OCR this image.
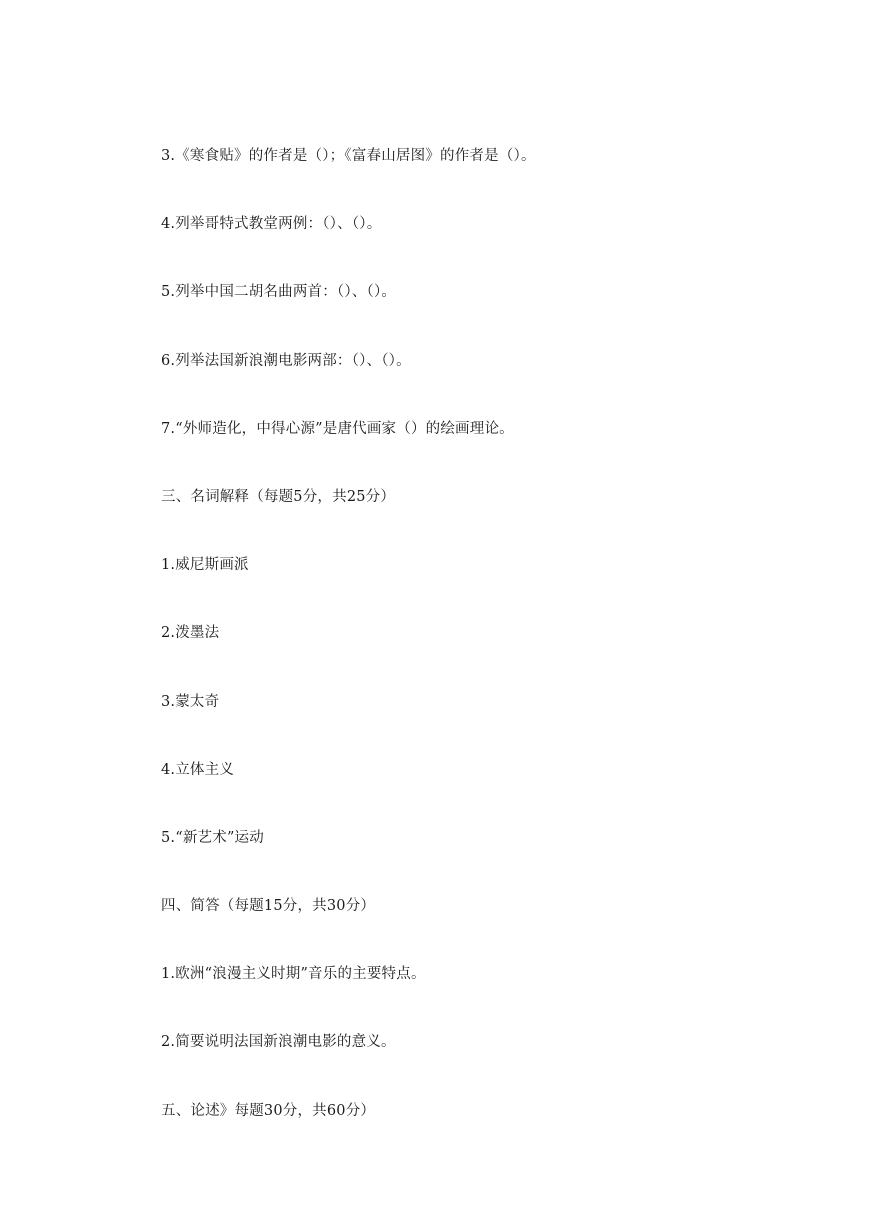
3.《寒食贴》的作者是（）；《富春山居图》的作者是（）。
4.列举哥特式教堂两例：（）、（）。
5.列举中国二胡名曲两首：（）、（）。
6.列举法国新浪潮电影两部：（）、（）。
7.“外师造化，中得心源”是唐代画家（）的绘画理论。
三、名词解释（每题5分，共25分）
1.威尼斯画派
2.泼墨法
3.蒙太奇
4.立体主义
5.“新艺术”运动
四、简答（每题15分，共30分）
1.欧洲“浪漫主义时期”音乐的主要特点。
2.简要说明法国新浪潮电影的意义。
五、论述》每题30分，共60分）
